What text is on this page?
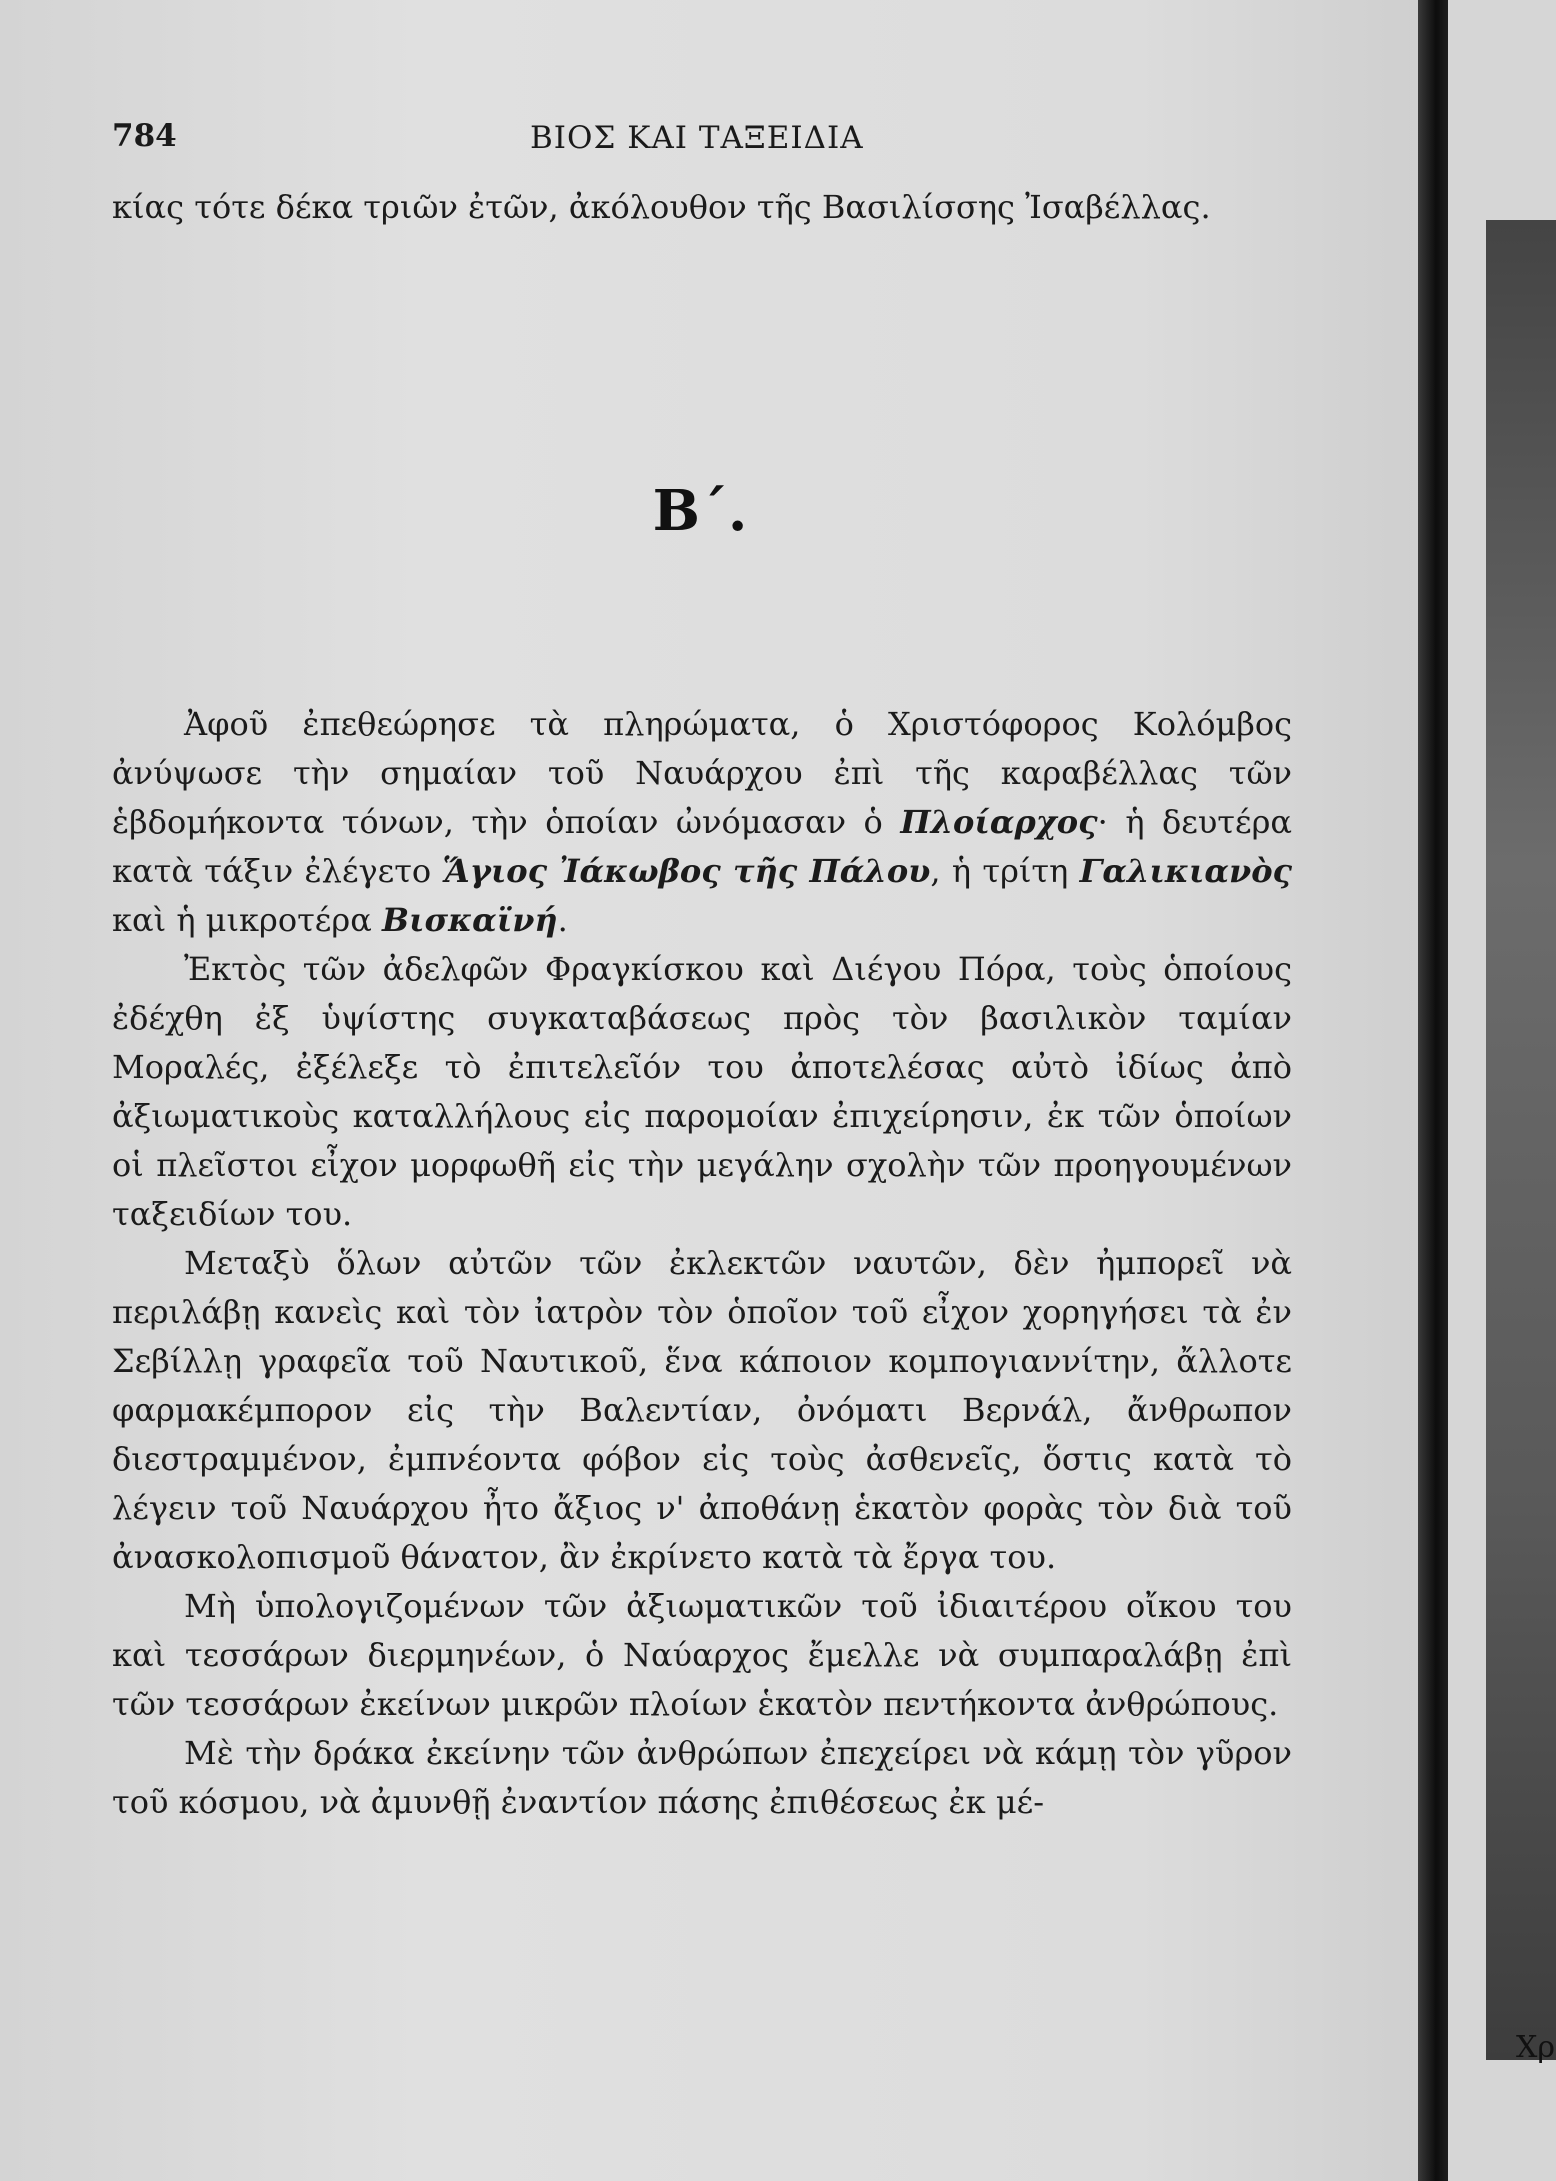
784	ΒΙΟΣ ΚΑΙ ΤΑΞΕΙΔΙΑ

κίας τότε δέκα τριῶν ἐτῶν, ἀκόλουθον τῆς Βασιλίσσης Ἰσαβέλλας.

Β΄.

Ἀφοῦ ἐπεθεώρησε τὰ πληρώματα, ὁ Χριστόφορος Κολόμβος ἀνύψωσε τὴν σημαίαν τοῦ Ναυάρχου ἐπὶ τῆς καραβέλλας τῶν ἑβδομήκοντα τόνων, τὴν ὁποίαν ὠνόμασαν ὁ Πλοίαρχος· ἡ δευτέρα κατὰ τάξιν ἐλέγετο Ἅγιος Ἰάκωβος τῆς Πάλου, ἡ τρίτη Γαλικιανὸς καὶ ἡ μικροτέρα Βισκαϊνή.

Ἐκτὸς τῶν ἀδελφῶν Φραγκίσκου καὶ Διέγου Πόρα, τοὺς ὁποίους ἐδέχθη ἐξ ὑψίστης συγκαταβάσεως πρὸς τὸν βασιλικὸν ταμίαν Μοραλές, ἐξέλεξε τὸ ἐπιτελεῖόν του ἀποτελέσας αὐτὸ ἰδίως ἀπὸ ἀξιωματικοὺς καταλλήλους εἰς παρομοίαν ἐπιχείρησιν, ἐκ τῶν ὁποίων οἱ πλεῖστοι εἶχον μορφωθῆ εἰς τὴν μεγάλην σχολὴν τῶν προηγουμένων ταξειδίων του.

Μεταξὺ ὅλων αὐτῶν τῶν ἐκλεκτῶν ναυτῶν, δὲν ἠμπορεῖ νὰ περιλάβῃ κανεὶς καὶ τὸν ἰατρὸν τὸν ὁποῖον τοῦ εἶχον χορηγήσει τὰ ἐν Σεβίλλῃ γραφεῖα τοῦ Ναυτικοῦ, ἕνα κάποιον κομπογιαννίτην, ἄλλοτε φαρμακέμπορον εἰς τὴν Βαλεντίαν, ὀνόματι Βερνάλ, ἄνθρωπον διεστραμμένον, ἐμπνέοντα φόβον εἰς τοὺς ἀσθενεῖς, ὅστις κατὰ τὸ λέγειν τοῦ Ναυάρχου ἦτο ἄξιος ν' ἀποθάνῃ ἑκατὸν φορὰς τὸν διὰ τοῦ ἀνασκολοπισμοῦ θάνατον, ἂν ἐκρίνετο κατὰ τὰ ἔργα του.

Μὴ ὑπολογιζομένων τῶν ἀξιωματικῶν τοῦ ἰδιαιτέρου οἴκου του καὶ τεσσάρων διερμηνέων, ὁ Ναύαρχος ἔμελλε νὰ συμπαραλάβῃ ἐπὶ τῶν τεσσάρων ἐκείνων μικρῶν πλοίων ἑκατὸν πεντήκοντα ἀνθρώπους.

Μὲ τὴν δράκα ἐκείνην τῶν ἀνθρώπων ἐπεχείρει νὰ κάμῃ τὸν γῦρον τοῦ κόσμου, νὰ ἀμυνθῇ ἐναντίον πάσης ἐπιθέσεως ἐκ μέ-

Χρ
